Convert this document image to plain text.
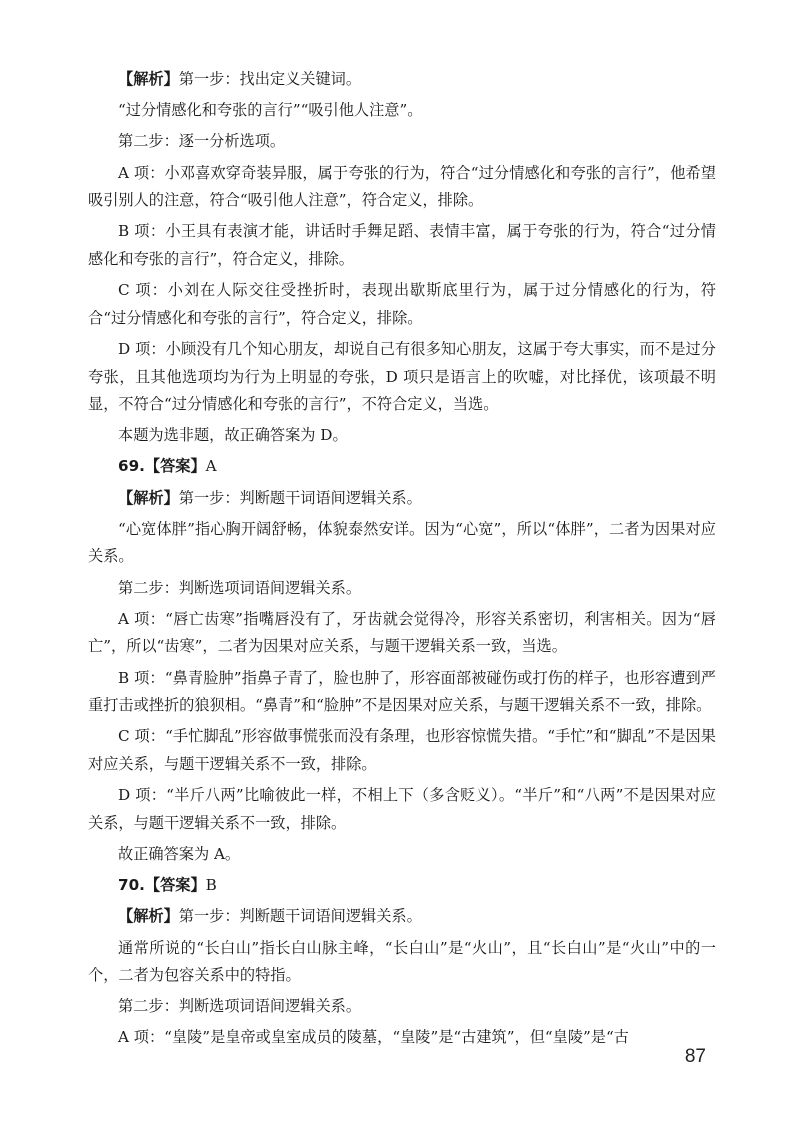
【解析】第一步：找出定义关键词。

“过分情感化和夸张的言行”“吸引他人注意”。

第二步：逐一分析选项。

A 项：小邓喜欢穿奇装异服，属于夸张的行为，符合“过分情感化和夸张的言行”，他希望吸引别人的注意，符合“吸引他人注意”，符合定义，排除。

B 项：小王具有表演才能，讲话时手舞足蹈、表情丰富，属于夸张的行为，符合“过分情感化和夸张的言行”，符合定义，排除。

C 项：小刘在人际交往受挫折时，表现出歇斯底里行为，属于过分情感化的行为，符合“过分情感化和夸张的言行”，符合定义，排除。

D 项：小顾没有几个知心朋友，却说自己有很多知心朋友，这属于夸大事实，而不是过分夸张，且其他选项均为行为上明显的夸张，D 项只是语言上的吹嘘，对比择优，该项最不明显，不符合“过分情感化和夸张的言行”，不符合定义，当选。

本题为选非题，故正确答案为 D。

69.【答案】A

【解析】第一步：判断题干词语间逻辑关系。

“心宽体胖”指心胸开阔舒畅，体貌泰然安详。因为“心宽”，所以“体胖”，二者为因果对应关系。

第二步：判断选项词语间逻辑关系。

A 项：“唇亡齿寒”指嘴唇没有了，牙齿就会觉得冷，形容关系密切，利害相关。因为“唇亡”，所以“齿寒”，二者为因果对应关系，与题干逻辑关系一致，当选。

B 项：“鼻青脸肿”指鼻子青了，脸也肿了，形容面部被碰伤或打伤的样子，也形容遭到严重打击或挫折的狼狈相。“鼻青”和“脸肿”不是因果对应关系，与题干逻辑关系不一致，排除。

C 项：“手忙脚乱”形容做事慌张而没有条理，也形容惊慌失措。“手忙”和“脚乱”不是因果对应关系，与题干逻辑关系不一致，排除。

D 项：“半斤八两”比喻彼此一样，不相上下（多含贬义）。“半斤”和“八两”不是因果对应关系，与题干逻辑关系不一致，排除。

故正确答案为 A。

70.【答案】B

【解析】第一步：判断题干词语间逻辑关系。

通常所说的“长白山”指长白山脉主峰，“长白山”是“火山”，且“长白山”是“火山”中的一个，二者为包容关系中的特指。

第二步：判断选项词语间逻辑关系。

A 项：“皇陵”是皇帝或皇室成员的陵墓，“皇陵”是“古建筑”，但“皇陵”是“古

87
